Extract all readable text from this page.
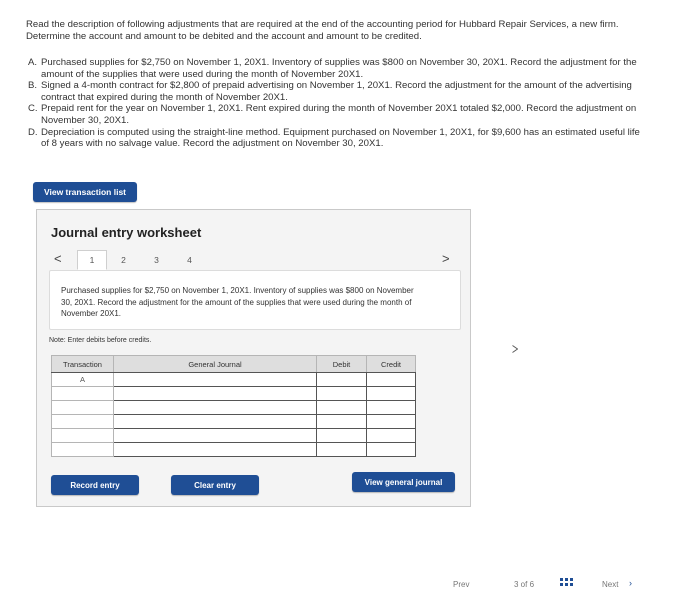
Read the description of following adjustments that are required at the end of the accounting period for Hubbard Repair Services, a new firm. Determine the account and amount to be debited and the account and amount to be credited.
A. Purchased supplies for $2,750 on November 1, 20X1. Inventory of supplies was $800 on November 30, 20X1. Record the adjustment for the amount of the supplies that were used during the month of November 20X1.
B. Signed a 4-month contract for $2,800 of prepaid advertising on November 1, 20X1. Record the adjustment for the amount of the advertising contract that expired during the month of November 20X1.
C. Prepaid rent for the year on November 1, 20X1. Rent expired during the month of November 20X1 totaled $2,000. Record the adjustment on November 30, 20X1.
D. Depreciation is computed using the straight-line method. Equipment purchased on November 1, 20X1, for $9,600 has an estimated useful life of 8 years with no salvage value. Record the adjustment on November 30, 20X1.
View transaction list
Journal entry worksheet
<	1	2	3	4	>
Purchased supplies for $2,750 on November 1, 20X1. Inventory of supplies was $800 on November 30, 20X1. Record the adjustment for the amount of the supplies that were used during the month of November 20X1.
Note: Enter debits before credits.
Transaction	General Journal	Debit	Credit
A			

Record entry	Clear entry	View general journal
Prev	3 of 6	Next ›
